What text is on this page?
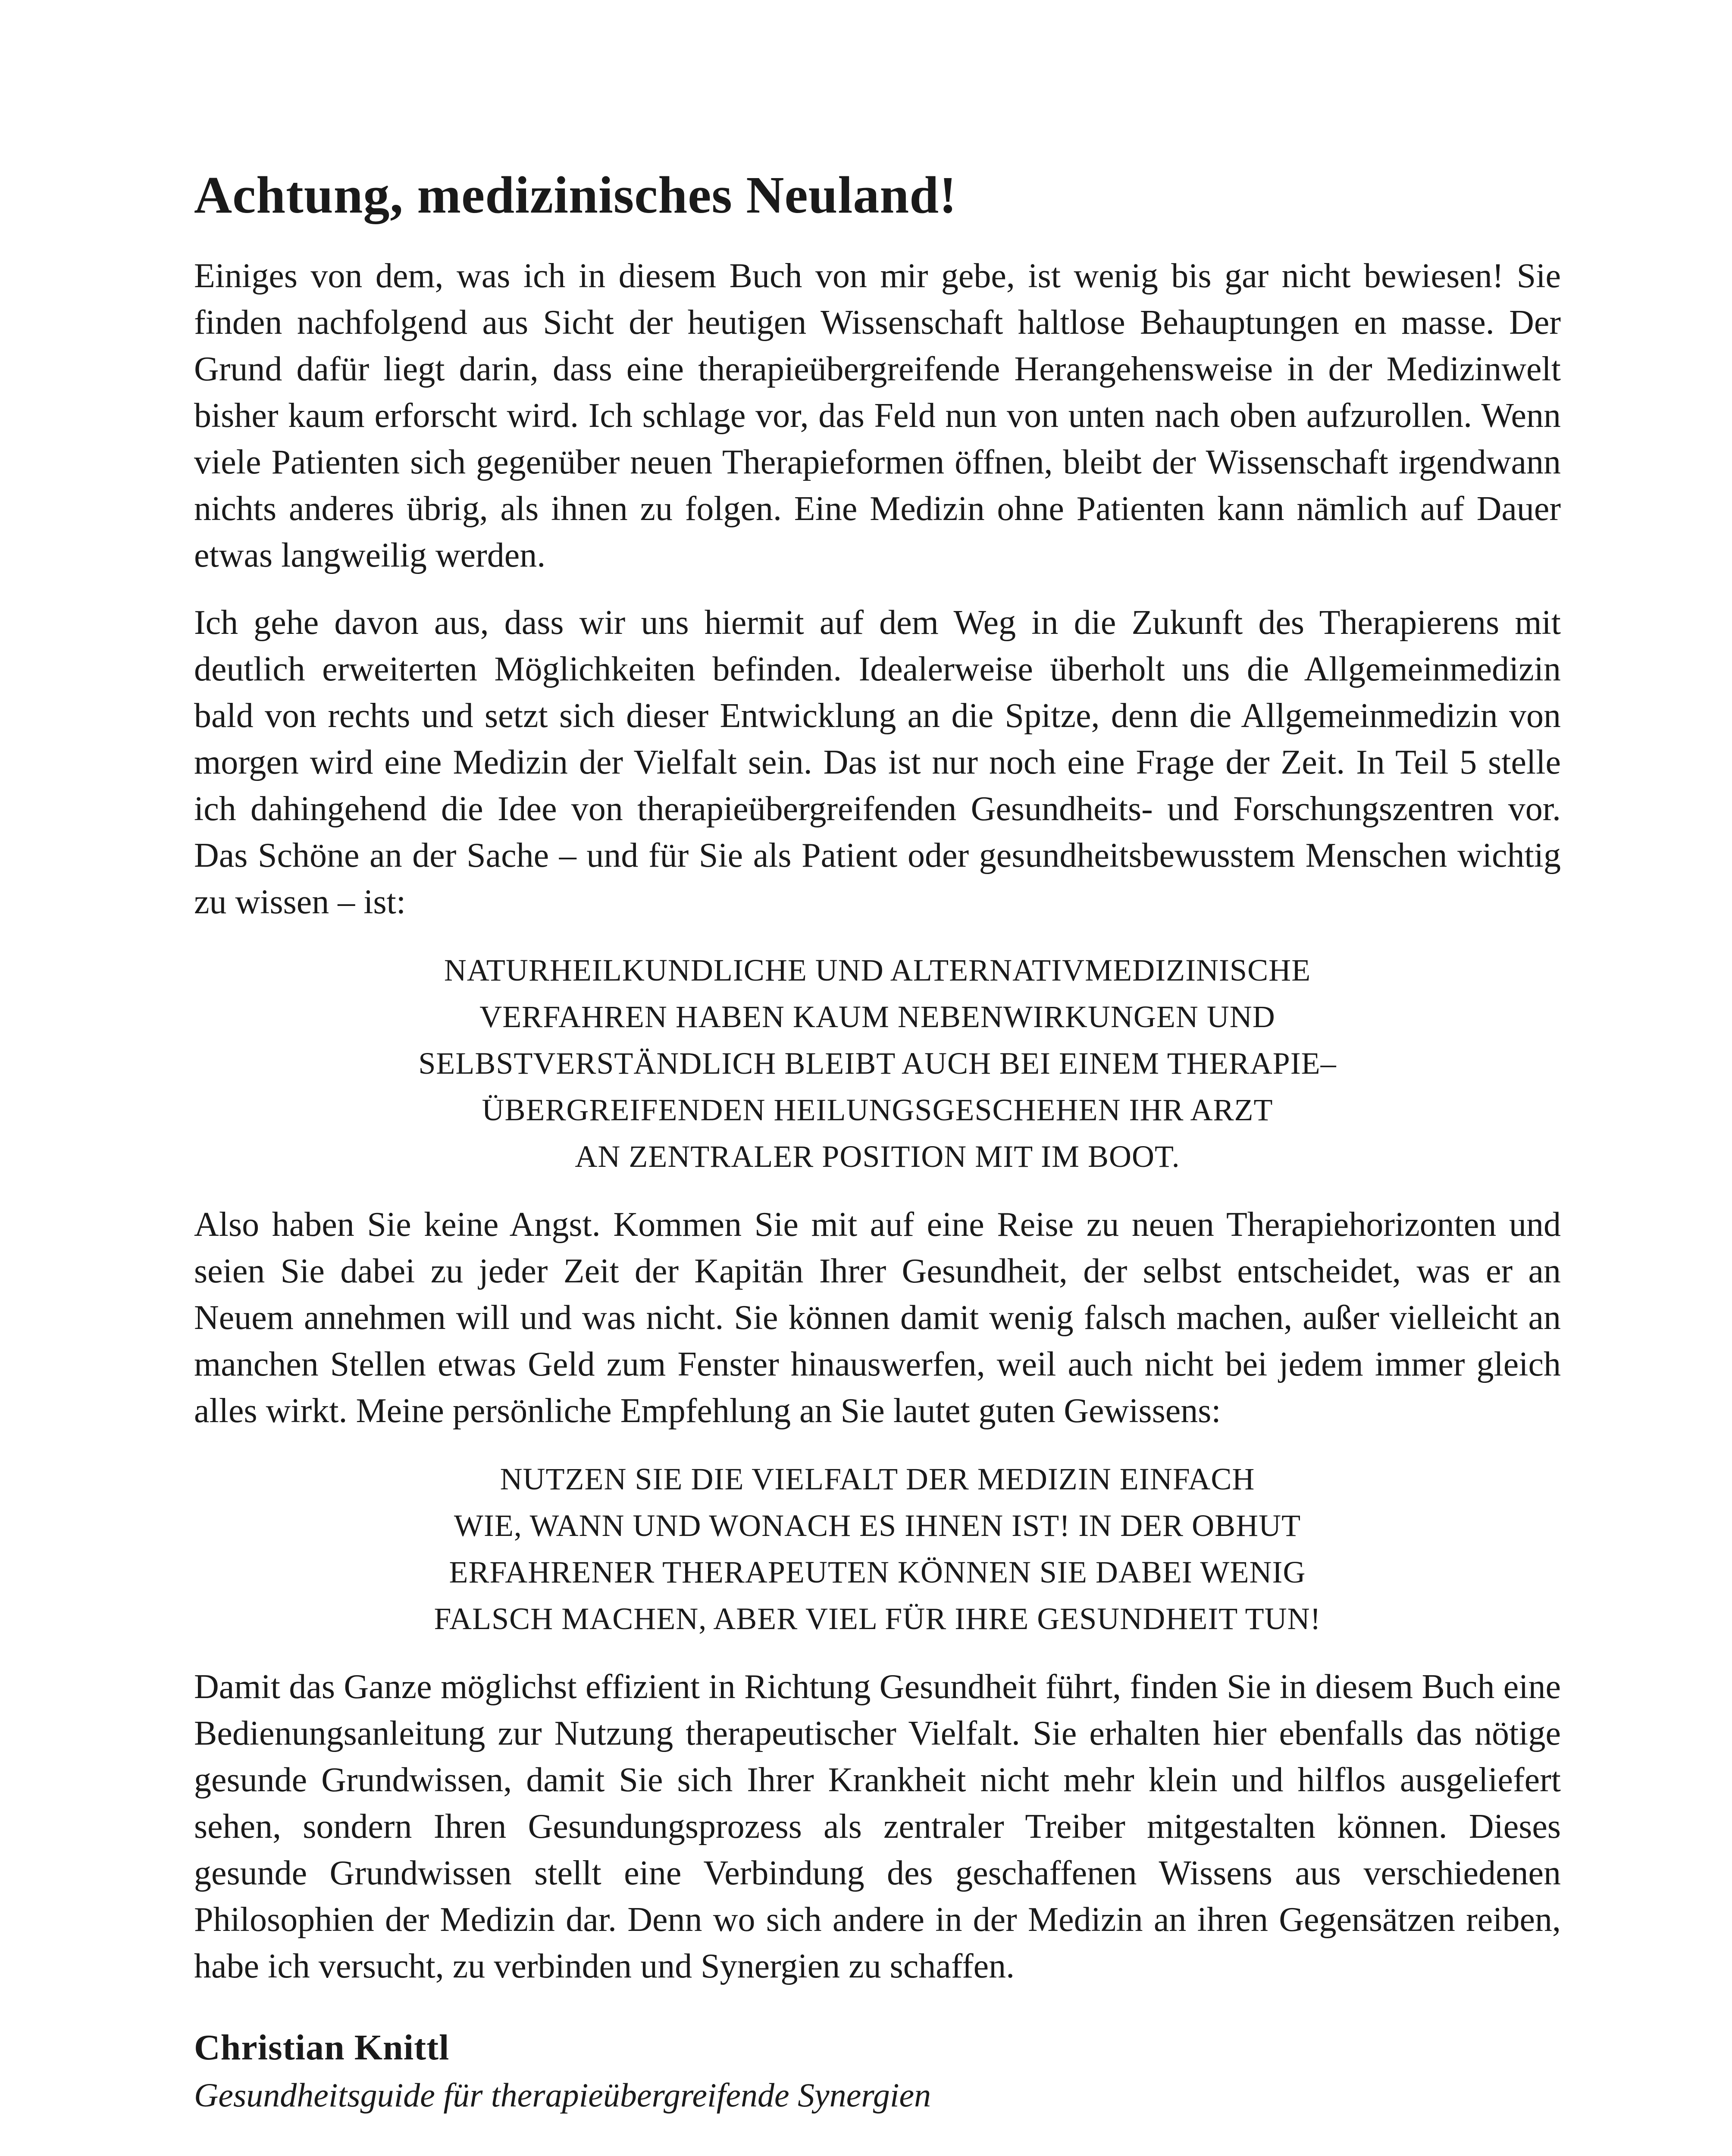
Achtung, medizinisches Neuland!

Einiges von dem, was ich in diesem Buch von mir gebe, ist wenig bis gar nicht bewiesen! Sie finden nachfolgend aus Sicht der heutigen Wissenschaft haltlose Behauptungen en masse. Der Grund dafür liegt darin, dass eine therapieübergreifende Herangehensweise in der Medizinwelt bisher kaum erforscht wird. Ich schlage vor, das Feld nun von unten nach oben aufzurollen. Wenn viele Patienten sich gegenüber neuen Therapieformen öffnen, bleibt der Wissenschaft irgendwann nichts anderes übrig, als ihnen zu folgen. Eine Medizin ohne Patienten kann nämlich auf Dauer etwas langweilig werden.

Ich gehe davon aus, dass wir uns hiermit auf dem Weg in die Zukunft des Therapierens mit deutlich erweiterten Möglichkeiten befinden. Idealerweise überholt uns die Allgemeinmedizin bald von rechts und setzt sich dieser Entwicklung an die Spitze, denn die Allgemeinmedizin von morgen wird eine Medizin der Vielfalt sein. Das ist nur noch eine Frage der Zeit. In Teil 5 stelle ich dahingehend die Idee von therapieübergreifenden Gesundheits- und Forschungszentren vor. Das Schöne an der Sache – und für Sie als Patient oder gesundheitsbewusstem Menschen wichtig zu wissen – ist:

NATURHEILKUNDLICHE UND ALTERNATIVMEDIZINISCHE
VERFAHREN HABEN KAUM NEBENWIRKUNGEN UND
SELBSTVERSTÄNDLICH BLEIBT AUCH BEI EINEM THERAPIE–
ÜBERGREIFENDEN HEILUNGSGESCHEHEN IHR ARZT
AN ZENTRALER POSITION MIT IM BOOT.

Also haben Sie keine Angst. Kommen Sie mit auf eine Reise zu neuen Therapiehorizonten und seien Sie dabei zu jeder Zeit der Kapitän Ihrer Gesundheit, der selbst entscheidet, was er an Neuem annehmen will und was nicht. Sie können damit wenig falsch machen, außer vielleicht an manchen Stellen etwas Geld zum Fenster hinauswerfen, weil auch nicht bei jedem immer gleich alles wirkt. Meine persönliche Empfehlung an Sie lautet guten Gewissens:

NUTZEN SIE DIE VIELFALT DER MEDIZIN EINFACH
WIE, WANN UND WONACH ES IHNEN IST! IN DER OBHUT
ERFAHRENER THERAPEUTEN KÖNNEN SIE DABEI WENIG
FALSCH MACHEN, ABER VIEL FÜR IHRE GESUNDHEIT TUN!

Damit das Ganze möglichst effizient in Richtung Gesundheit führt, finden Sie in diesem Buch eine Bedienungsanleitung zur Nutzung therapeutischer Vielfalt. Sie erhalten hier ebenfalls das nötige gesunde Grundwissen, damit Sie sich Ihrer Krankheit nicht mehr klein und hilflos ausgeliefert sehen, sondern Ihren Gesundungsprozess als zentraler Treiber mitgestalten können. Dieses gesunde Grundwissen stellt eine Verbindung des geschaffenen Wissens aus verschiedenen Philosophien der Medizin dar. Denn wo sich andere in der Medizin an ihren Gegensätzen reiben, habe ich versucht, zu verbinden und Synergien zu schaffen.

Christian Knittl
Gesundheitsguide für therapieübergreifende Synergien
